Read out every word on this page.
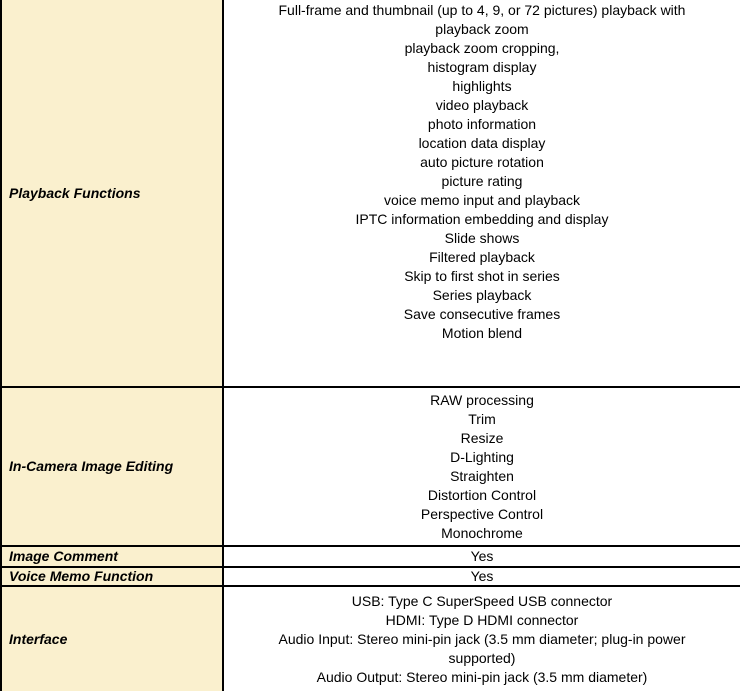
Playback Functions
Full-frame and thumbnail (up to 4, 9, or 72 pictures) playback with
playback zoom
playback zoom cropping,
histogram display
highlights
video playback
photo information
location data display
auto picture rotation
picture rating
voice memo input and playback
IPTC information embedding and display
Slide shows
Filtered playback
Skip to first shot in series
Series playback
Save consecutive frames
Motion blend
In-Camera Image Editing
RAW processing
Trim
Resize
D-Lighting
Straighten
Distortion Control
Perspective Control
Monochrome
Image Comment	Yes
Voice Memo Function	Yes
Interface
USB: Type C SuperSpeed USB connector
HDMI: Type D HDMI connector
Audio Input: Stereo mini-pin jack (3.5 mm diameter; plug-in power
supported)
Audio Output: Stereo mini-pin jack (3.5 mm diameter)
